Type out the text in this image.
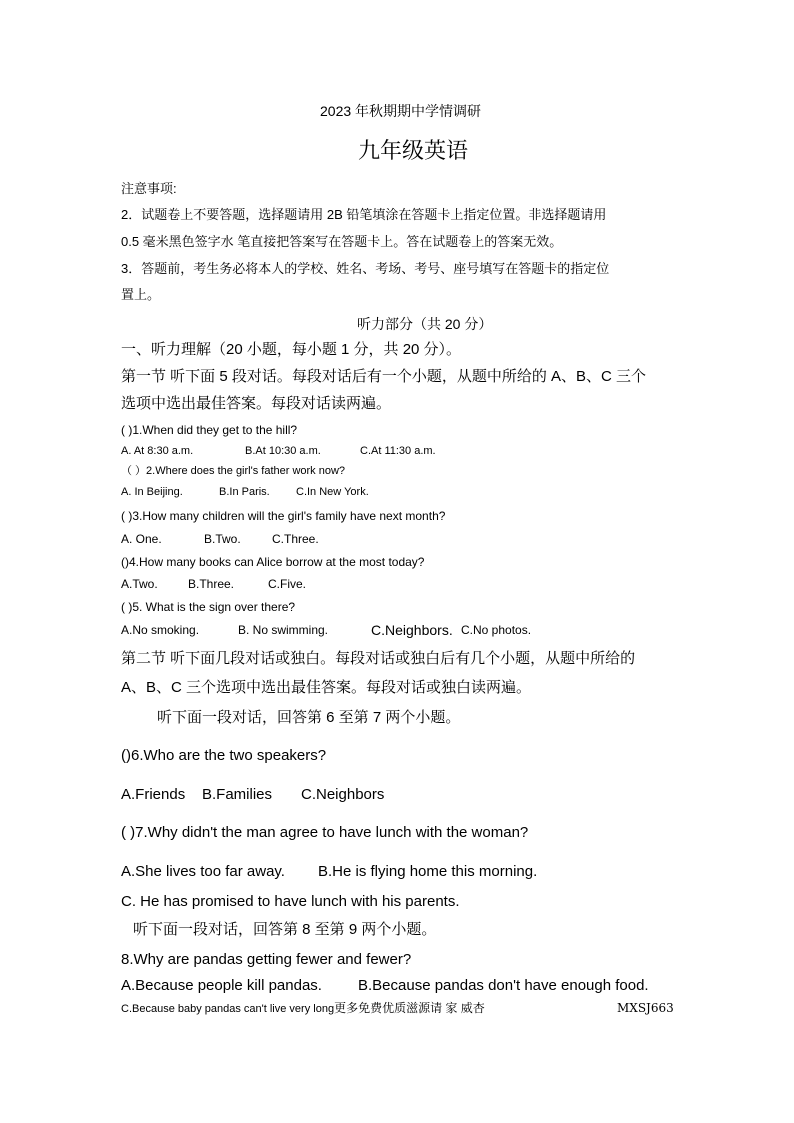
2023 年秋期期中学情调研
九年级英语
注意事项:
2．试题卷上不要答题，选择题请用 2B 铅笔填涂在答题卡上指定位置。非选择题请用
0.5 毫米黑色签字水 笔直接把答案写在答题卡上。答在试题卷上的答案无效。
3．答题前，考生务必将本人的学校、姓名、考场、考号、座号填写在答题卡的指定位
置上。
听力部分（共 20 分）
一、听力理解（20 小题，每小题 1 分，共 20 分）。
第一节 听下面 5 段对话。每段对话后有一个小题，从题中所给的 A、B、C 三个
选项中选出最佳答案。每段对话读两遍。
( )1.When did they get to the hill?
A. At 8:30 a.m.	B.At 10:30 a.m.	C.At 11:30 a.m.
（ ）2.Where does the girl's father work now?
A. In Beijing.	B.In Paris. C.In New York.
( )3.How many children will the girl's family have next month?
A. One.	B.Two.	C.Three.
()4.How many books can Alice borrow at the most today?
A.Two.	B.Three.	C.Five.
( )5. What is the sign over there?
A.No smoking.	B. No swimming.	C.Neighbors. C.No photos.
第二节 听下面几段对话或独白。每段对话或独白后有几个小题，从题中所给的
A、B、C 三个选项中选出最佳答案。每段对话或独白读两遍。
听下面一段对话，回答第 6 至第 7 两个小题。
()6.Who are the two speakers?
A.Friends B.Families C.Neighbors
( )7.Why didn't the man agree to have lunch with the woman?
A.She lives too far away. B.He is flying home this morning.
C. He has promised to have lunch with his parents.
听下面一段对话，回答第 8 至第 9 两个小题。
8.Why are pandas getting fewer and fewer?
A.Because people kill pandas. B.Because pandas don't have enough food.
C.Because baby pandas can't live very long更多免费优质滋源请 家 威杏	MXSJ663
